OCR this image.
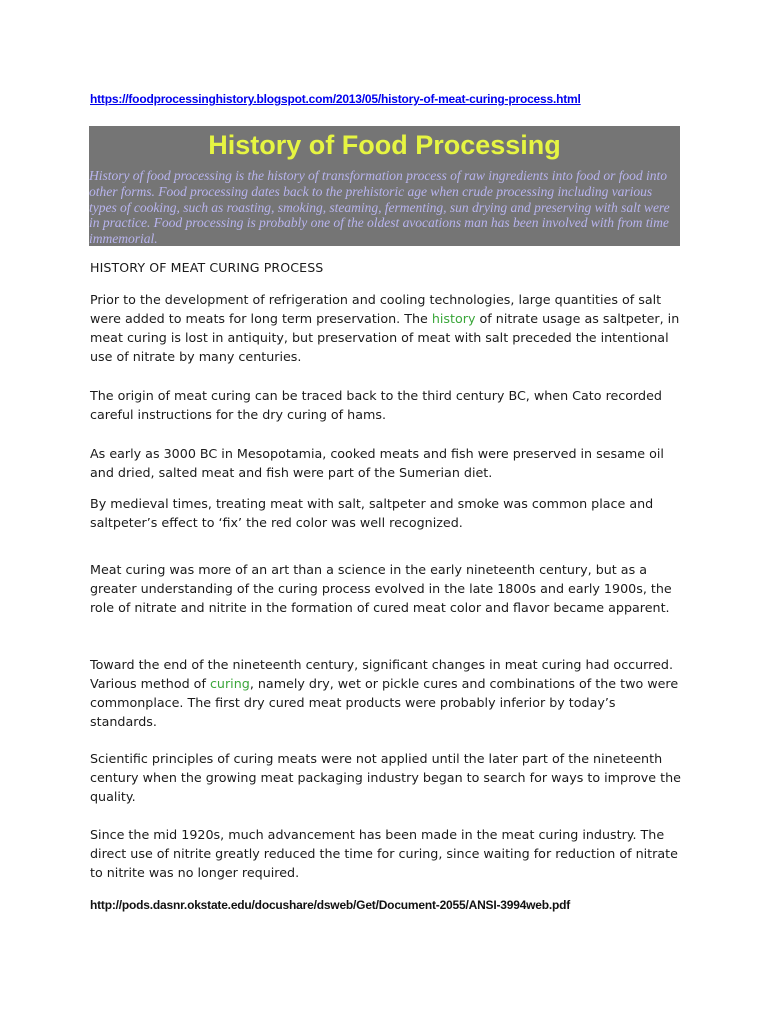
https://foodprocessinghistory.blogspot.com/2013/05/history-of-meat-curing-process.html
History of Food Processing

History of food processing is the history of transformation process of raw ingredients into food or food into other forms. Food processing dates back to the prehistoric age when crude processing including various types of cooking, such as roasting, smoking, steaming, fermenting, sun drying and preserving with salt were in practice. Food processing is probably one of the oldest avocations man has been involved with from time immemorial.

HISTORY OF MEAT CURING PROCESS

Prior to the development of refrigeration and cooling technologies, large quantities of salt were added to meats for long term preservation. The history of nitrate usage as saltpeter, in meat curing is lost in antiquity, but preservation of meat with salt preceded the intentional use of nitrate by many centuries.

The origin of meat curing can be traced back to the third century BC, when Cato recorded careful instructions for the dry curing of hams.

As early as 3000 BC in Mesopotamia, cooked meats and fish were preserved in sesame oil and dried, salted meat and fish were part of the Sumerian diet.

By medieval times, treating meat with salt, saltpeter and smoke was common place and saltpeter’s effect to ‘fix’ the red color was well recognized.

Meat curing was more of an art than a science in the early nineteenth century, but as a greater understanding of the curing process evolved in the late 1800s and early 1900s, the role of nitrate and nitrite in the formation of cured meat color and flavor became apparent.

Toward the end of the nineteenth century, significant changes in meat curing had occurred. Various method of curing, namely dry, wet or pickle cures and combinations of the two were commonplace. The first dry cured meat products were probably inferior by today’s standards.

Scientific principles of curing meats were not applied until the later part of the nineteenth century when the growing meat packaging industry began to search for ways to improve the quality.

Since the mid 1920s, much advancement has been made in the meat curing industry. The direct use of nitrite greatly reduced the time for curing, since waiting for reduction of nitrate to nitrite was no longer required.

http://pods.dasnr.okstate.edu/docushare/dsweb/Get/Document-2055/ANSI-3994web.pdf
